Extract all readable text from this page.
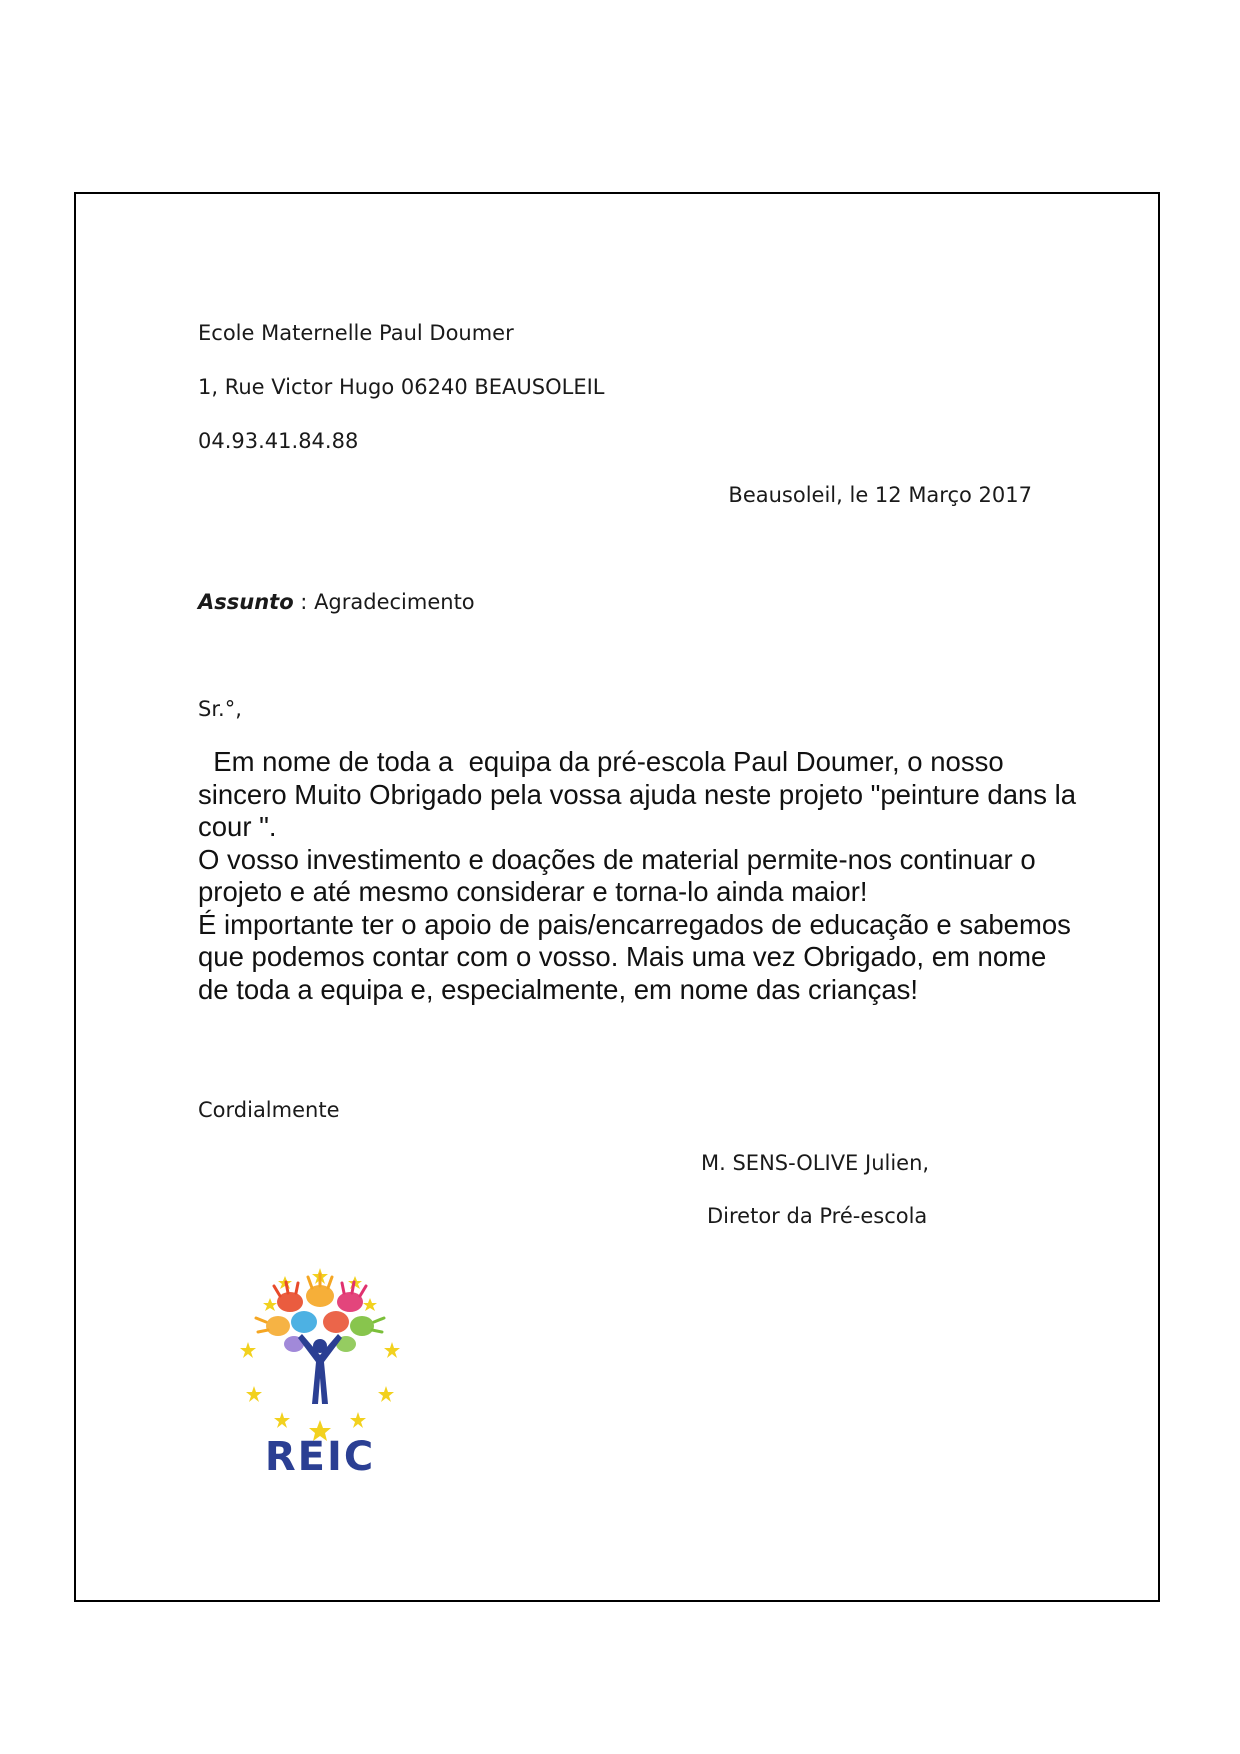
Ecole Maternelle Paul Doumer
1, Rue Victor Hugo 06240 BEAUSOLEIL
04.93.41.84.88
Beausoleil, le 12 Março 2017
Assunto : Agradecimento
Sr.°,

Em nome de toda a  equipa da pré-escola Paul Doumer, o nosso sincero Muito Obrigado pela vossa ajuda neste projeto "peinture dans la cour ".

O vosso investimento e doações de material permite-nos continuar o projeto e até mesmo considerar e torna-lo ainda maior!

É importante ter o apoio de pais/encarregados de educação e sabemos que podemos contar com o vosso. Mais uma vez Obrigado, em nome de toda a equipa e, especialmente, em nome das crianças!

Cordialmente
M. SENS-OLIVE Julien,
Diretor da Pré-escola
REIC
